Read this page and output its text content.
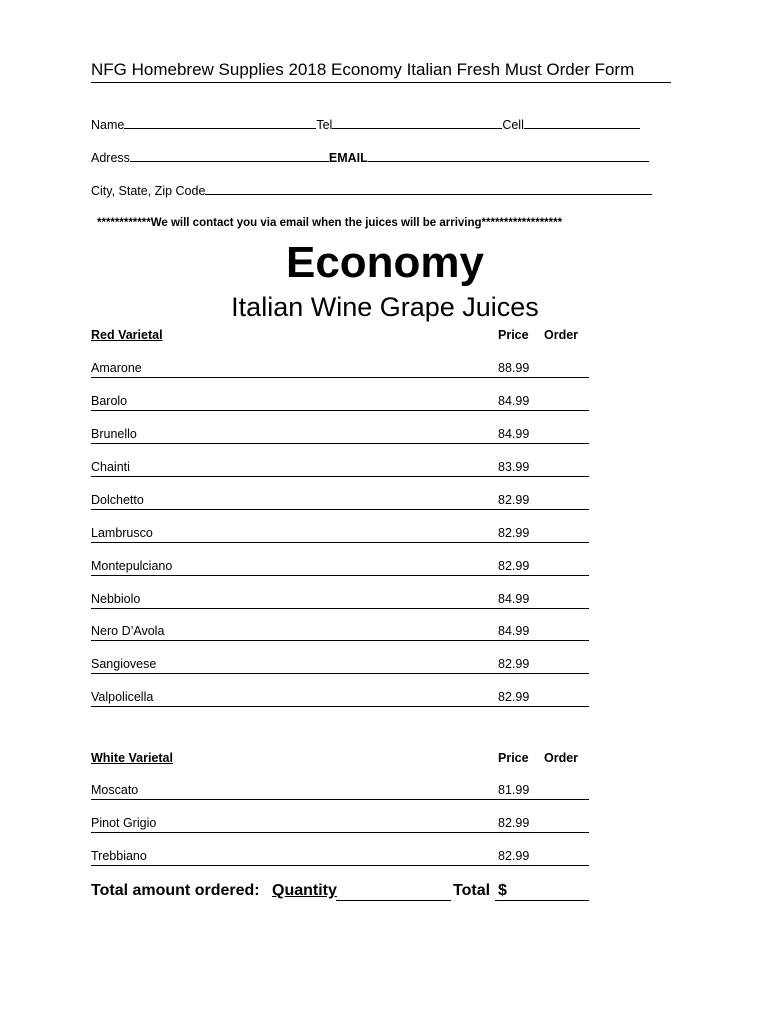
NFG Homebrew Supplies 2018 Economy Italian Fresh Must Order Form
Name	Tel	Cell
Adress	EMAIL
City, State, Zip Code
************We will contact you via email when the juices will be arriving******************
Economy
Italian Wine Grape Juices
Red Varietal	Price Order
Amarone	88.99
Barolo	84.99
Brunello	84.99
Chainti	83.99
Dolchetto	82.99
Lambrusco	82.99
Montepulciano	82.99
Nebbiolo	84.99
Nero D’Avola	84.99
Sangiovese	82.99
Valpolicella	82.99
White Varietal	Price Order
Moscato	81.99
Pinot Grigio	82.99
Trebbiano	82.99
Total amount ordered: Quantity	Total $
